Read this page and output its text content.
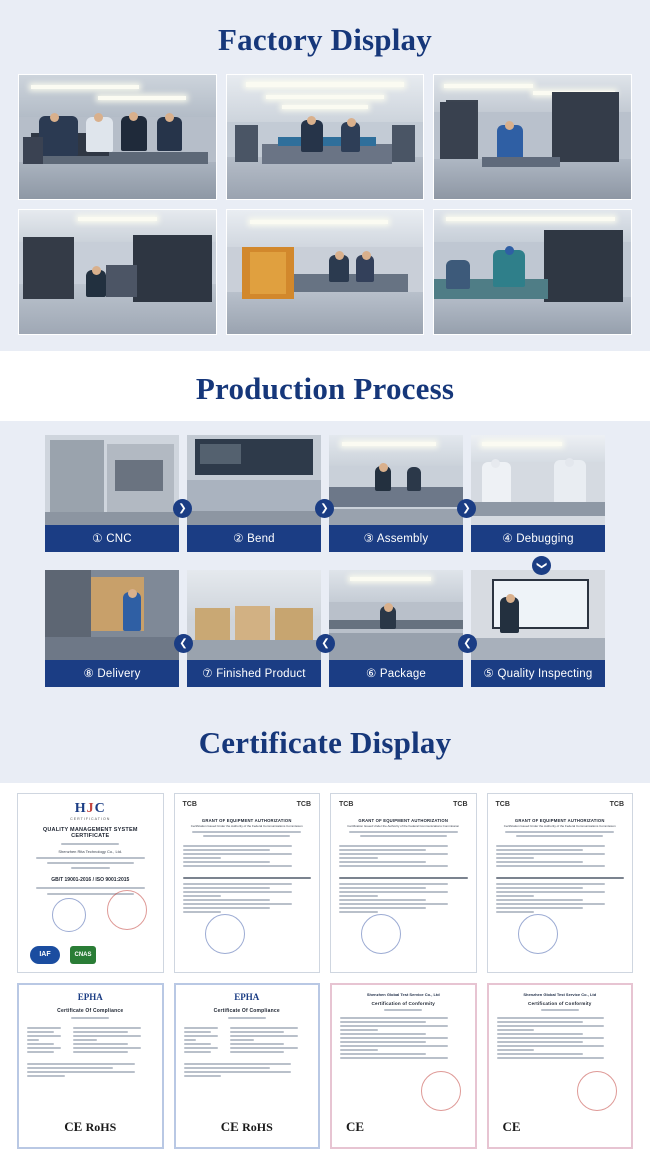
Factory Display
Production Process
① CNC
❯
② Bend
❯
③ Assembly
❯
④ Debugging
⑧ Delivery	⑦ Finished Product
❮
⑥ Package
❮
⑤ Quality Inspecting
❮
❯
Certificate Display
HJC
CERTIFICATION
QUALITY MANAGEMENT SYSTEM CERTIFICATE
Shenzhen Rita Technology Co., Ltd.
GB/T 19001-2016 / ISO 9001:2015
IAF	CNAS
TCB	TCB
GRANT OF EQUIPMENT AUTHORIZATION
Certification Issued Under the Authority of the Federal Communications Commission
TCB	TCB
GRANT OF EQUIPMENT AUTHORIZATION
Certification Issued Under the Authority of the Federal Communications Commission
TCB	TCB
GRANT OF EQUIPMENT AUTHORIZATION
Certification Issued Under the Authority of the Federal Communications Commission
EPHA
Certificate Of Compliance
CE RoHS
EPHA
Certificate Of Compliance
CE RoHS
Shenzhen Global Test Service Co., Ltd
Certification of Conformity
CE
Shenzhen Global Test Service Co., Ltd
Certification of Conformity
CE
